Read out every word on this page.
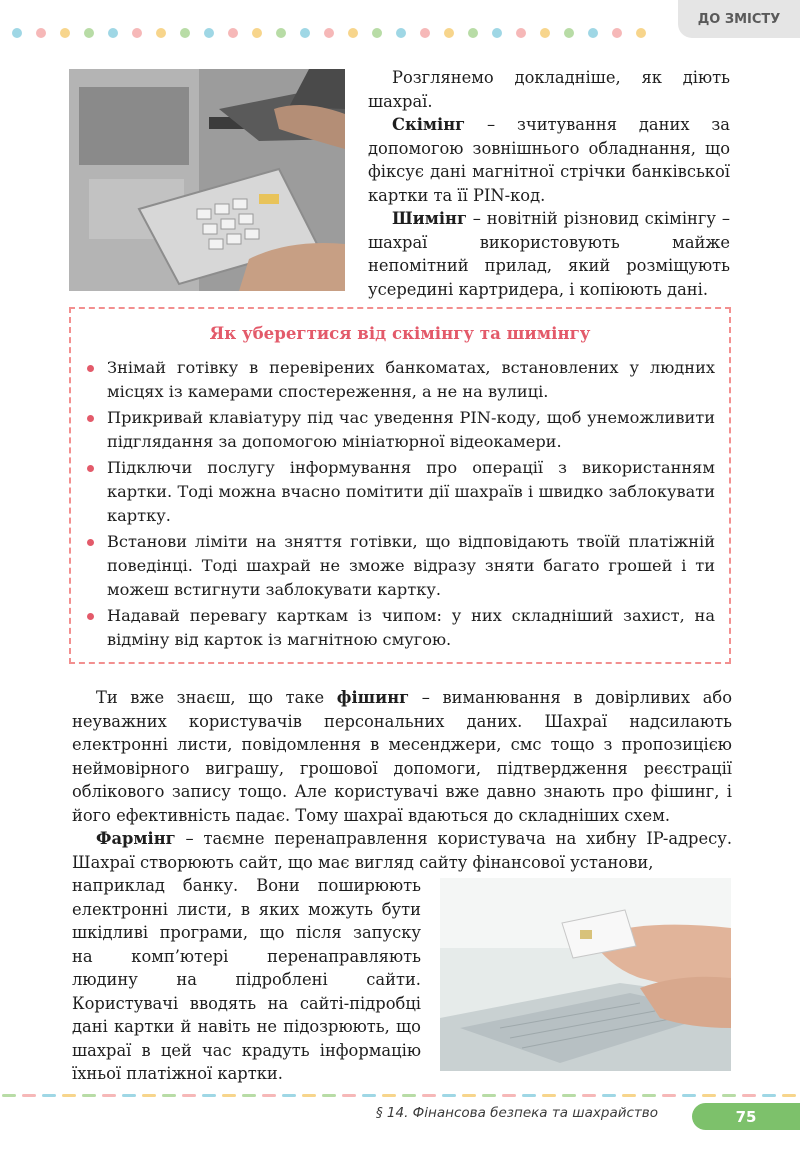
ДО ЗМІСТУ

Розглянемо докладніше, як діють шахраї.

Скімінг – зчитування даних за допомогою зовнішнього обладнання, що фіксує дані магнітної стрічки банківської картки та її PIN-код.

Шимінг – новітній різновид скімінгу – шахраї використовують майже непомітний прилад, який розміщують усередині картридера, і копіюють дані.

Як уберегтися від скімінгу та шимінгу
Знімай готівку в перевірених банкоматах, встановлених у людних місцях із камерами спостереження, а не на вулиці.
Прикривай клавіатуру під час уведення PIN-коду, щоб унеможливити підглядання за допомогою мініатюрної відеокамери.
Підключи послугу інформування про операції з використанням картки. Тоді можна вчасно помітити дії шахраїв і швидко заблокувати картку.
Встанови ліміти на зняття готівки, що відповідають твоїй платіжній поведінці. Тоді шахрай не зможе відразу зняти багато грошей і ти можеш встигнути заблокувати картку.
Надавай перевагу карткам із чипом: у них складніший захист, на відміну від карток із магнітною смугою.

Ти вже знаєш, що таке фішинг – виманювання в довірливих або неуважних користувачів персональних даних. Шахраї надсилають електронні листи, повідомлення в месенджери, смс тощо з пропозицією неймовірного виграшу, грошової допомоги, підтвердження реєстрації облікового запису тощо. Але користувачі вже давно знають про фішинг, і його ефективність падає. Тому шахраї вдаються до складніших схем.

Фармінг – таємне перенаправлення користувача на хибну IP-адресу. Шахраї створюють сайт, що має вигляд сайту фінансової установи,

наприклад банку. Вони поширюють електронні листи, в яких можуть бути шкідливі програми, що після запуску на комп’ютері перенаправляють людину на підроблені сайти. Користувачі вводять на сайті-підробці дані картки й навіть не підозрюють, що шахраї в цей час крадуть інформацію їхньої платіжної картки.

§ 14. Фінансова безпека та шахрайство	75
